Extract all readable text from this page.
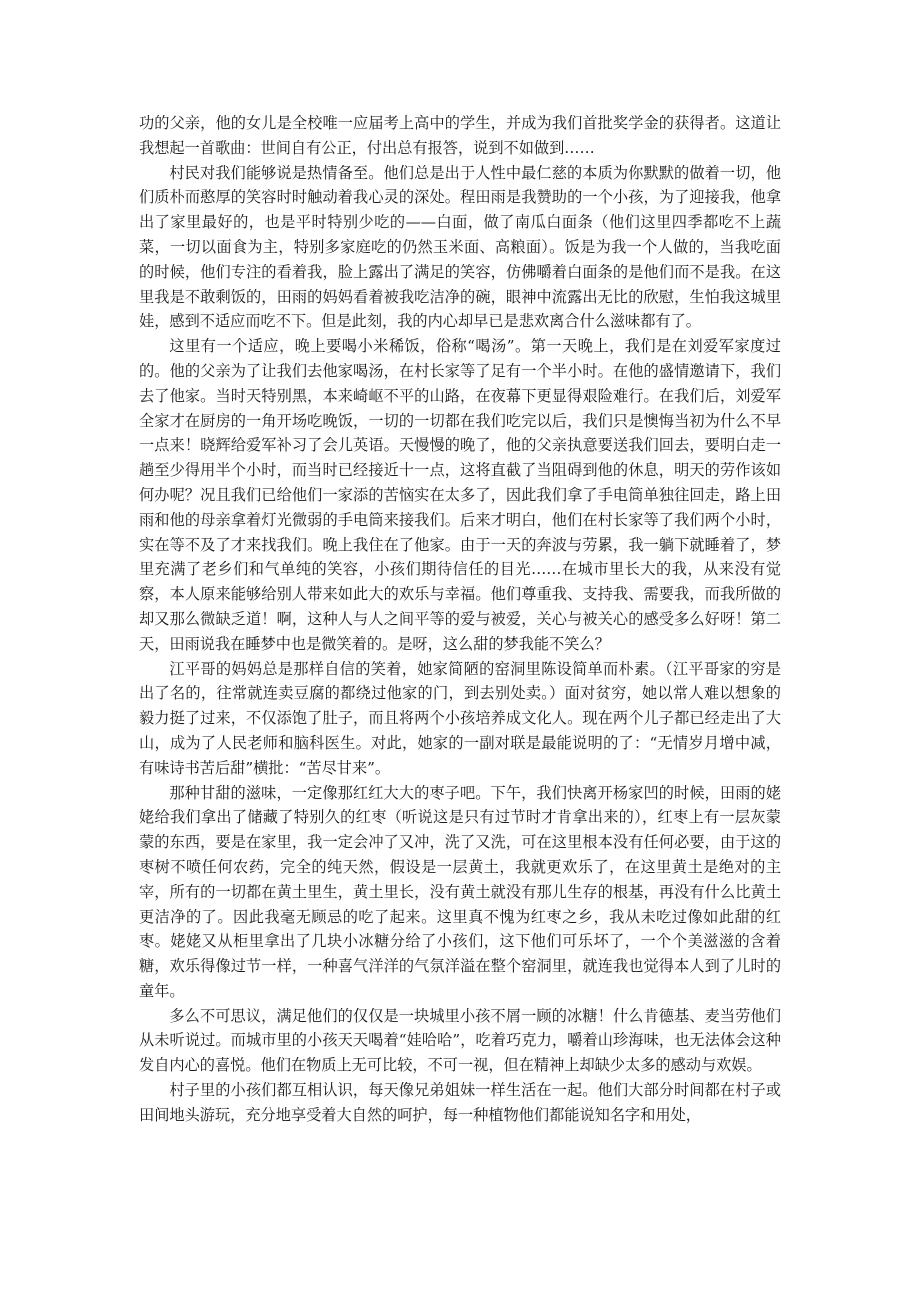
功的父亲，他的女儿是全校唯一应届考上高中的学生，并成为我们首批奖学金的获得者。这道让我想起一首歌曲：世间自有公正，付出总有报答，说到不如做到……

村民对我们能够说是热情备至。他们总是出于人性中最仁慈的本质为你默默的做着一切，他们质朴而憨厚的笑容时时触动着我心灵的深处。程田雨是我赞助的一个小孩，为了迎接我，他拿出了家里最好的，也是平时特别少吃的——白面，做了南瓜白面条（他们这里四季都吃不上蔬菜，一切以面食为主，特别多家庭吃的仍然玉米面、高粮面）。饭是为我一个人做的，当我吃面的时候，他们专注的看着我，脸上露出了满足的笑容，仿佛嚼着白面条的是他们而不是我。在这里我是不敢剩饭的，田雨的妈妈看着被我吃洁净的碗，眼神中流露出无比的欣慰，生怕我这城里娃，感到不适应而吃不下。但是此刻，我的内心却早已是悲欢离合什么滋味都有了。

这里有一个适应，晚上要喝小米稀饭，俗称“喝汤”。第一天晚上，我们是在刘爱军家度过的。他的父亲为了让我们去他家喝汤，在村长家等了足有一个半小时。在他的盛情邀请下，我们去了他家。当时天特别黑，本来崎岖不平的山路，在夜幕下更显得艰险难行。在我们后，刘爱军全家才在厨房的一角开场吃晚饭，一切的一切都在我们吃完以后，我们只是懊悔当初为什么不早一点来！晓辉给爱军补习了会儿英语。天慢慢的晚了，他的父亲执意要送我们回去，要明白走一趟至少得用半个小时，而当时已经接近十一点，这将直截了当阻碍到他的休息，明天的劳作该如何办呢？况且我们已给他们一家添的苦恼实在太多了，因此我们拿了手电筒单独往回走，路上田雨和他的母亲拿着灯光微弱的手电筒来接我们。后来才明白，他们在村长家等了我们两个小时，实在等不及了才来找我们。晚上我住在了他家。由于一天的奔波与劳累，我一躺下就睡着了，梦里充满了老乡们和气单纯的笑容，小孩们期待信任的目光……在城市里长大的我，从来没有觉察，本人原来能够给别人带来如此大的欢乐与幸福。他们尊重我、支持我、需要我，而我所做的却又那么微缺乏道！啊，这种人与人之间平等的爱与被爱，关心与被关心的感受多么好呀！第二天，田雨说我在睡梦中也是微笑着的。是呀，这么甜的梦我能不笑么？

江平哥的妈妈总是那样自信的笑着，她家简陋的窑洞里陈设简单而朴素。（江平哥家的穷是出了名的，往常就连卖豆腐的都绕过他家的门，到去别处卖。）面对贫穷，她以常人难以想象的毅力挺了过来，不仅添饱了肚子，而且将两个小孩培养成文化人。现在两个儿子都已经走出了大山，成为了人民老师和脑科医生。对此，她家的一副对联是最能说明的了：“无情岁月增中减，有味诗书苦后甜”横批：“苦尽甘来”。

那种甘甜的滋味，一定像那红红大大的枣子吧。下午，我们快离开杨家凹的时候，田雨的姥姥给我们拿出了储藏了特别久的红枣（听说这是只有过节时才肯拿出来的），红枣上有一层灰蒙蒙的东西，要是在家里，我一定会冲了又冲，洗了又洗，可在这里根本没有任何必要，由于这的枣树不喷任何农药，完全的纯天然，假设是一层黄土，我就更欢乐了，在这里黄土是绝对的主宰，所有的一切都在黄土里生，黄土里长，没有黄土就没有那儿生存的根基，再没有什么比黄土更洁净的了。因此我毫无顾忌的吃了起来。这里真不愧为红枣之乡，我从未吃过像如此甜的红枣。姥姥又从柜里拿出了几块小冰糖分给了小孩们，这下他们可乐坏了，一个个美滋滋的含着糖，欢乐得像过节一样，一种喜气洋洋的气氛洋溢在整个窑洞里，就连我也觉得本人到了儿时的童年。

多么不可思议，满足他们的仅仅是一块城里小孩不屑一顾的冰糖！什么肯德基、麦当劳他们从未听说过。而城市里的小孩天天喝着“娃哈哈”，吃着巧克力，嚼着山珍海味，也无法体会这种发自内心的喜悦。他们在物质上无可比较，不可一视，但在精神上却缺少太多的感动与欢娱。

村子里的小孩们都互相认识，每天像兄弟姐妹一样生活在一起。他们大部分时间都在村子或田间地头游玩，充分地享受着大自然的呵护，每一种植物他们都能说知名字和用处，
